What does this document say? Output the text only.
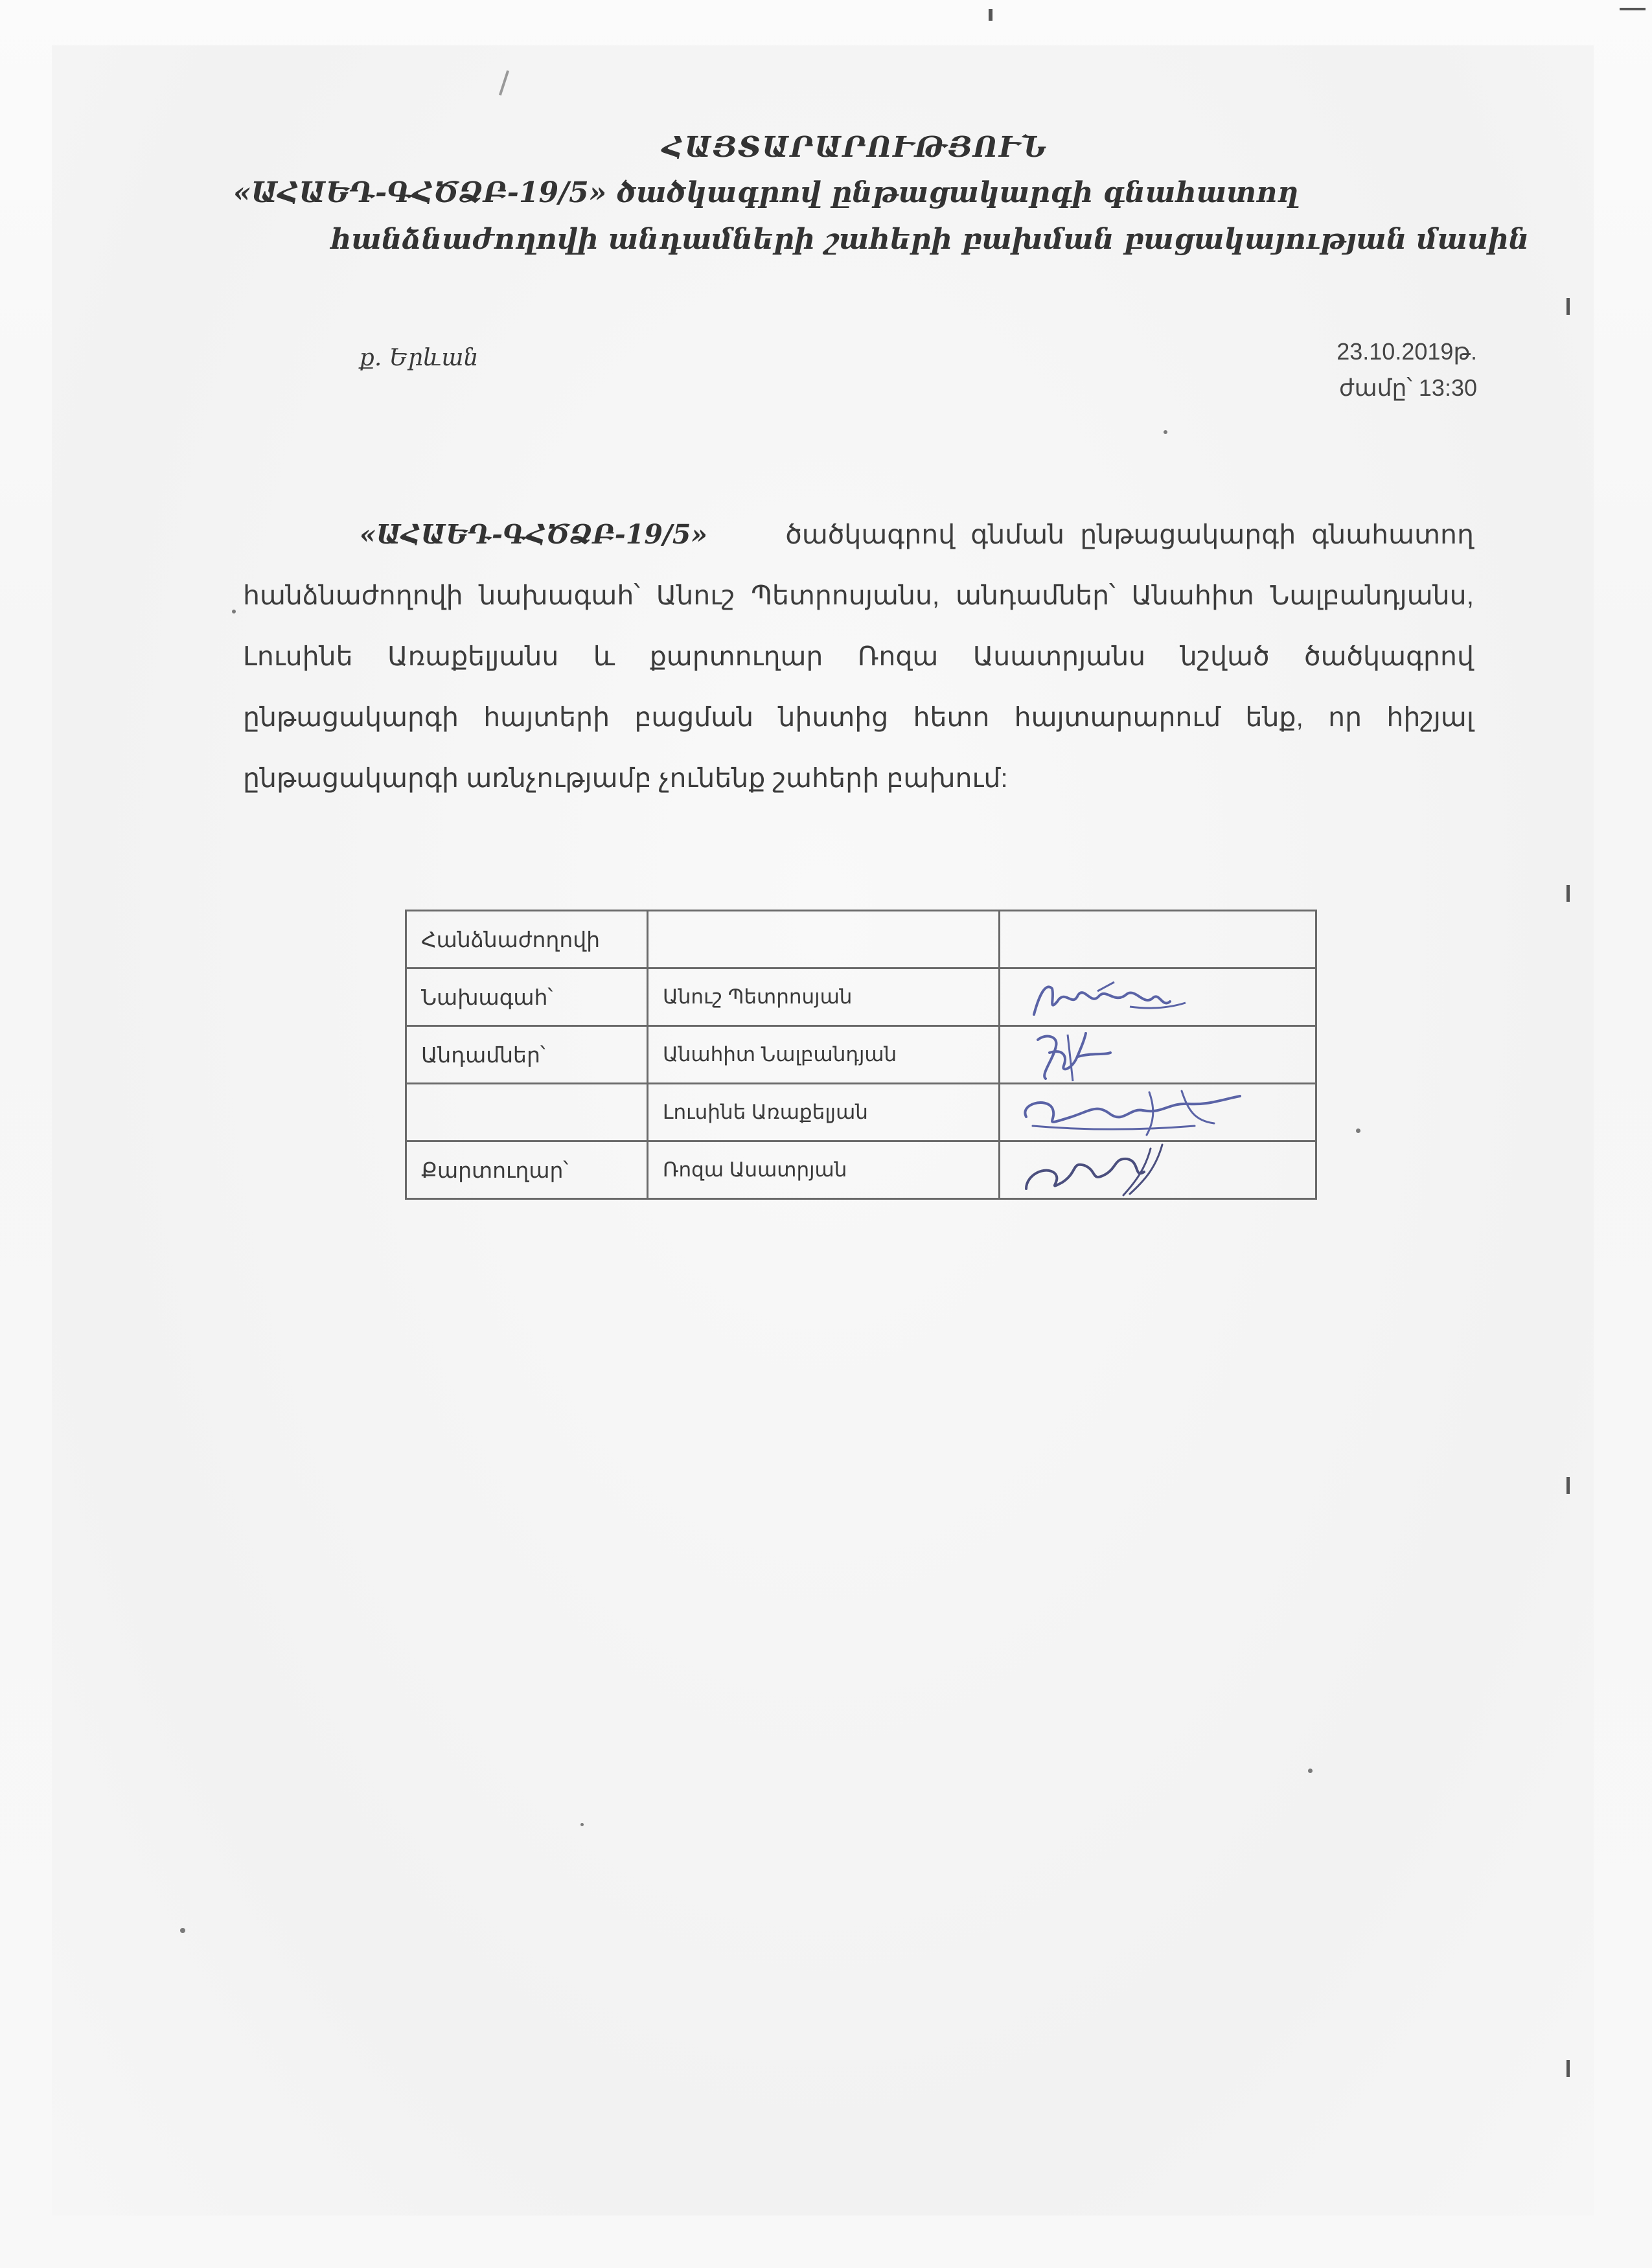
ՀԱՅՏԱՐԱՐՈՒԹՅՈՒՆ
«ԱՀԱԵԴ-ԳՀԾՁԲ-19/5» ծածկագրով ընթացակարգի գնահատող
հանձնաժողովի անդամների շահերի բախման բացակայության մասին
ք. Երևան	23.10.2019թ.
ժամը՝ 13:30
«ԱՀԱԵԴ-ԳՀԾՁԲ-19/5»	ծածկագրով գնման ընթացակարգի գնահատող հանձնաժողովի նախագահ՝ Անուշ Պետրոսյանս, անդամներ՝ Անահիտ Նալբանդյանս, Լուսինե Առաքելյանս և քարտուղար Ռոզա Ասատրյանս նշված ծածկագրով ընթացակարգի հայտերի բացման նիստից հետո հայտարարում ենք, որ հիշյալ ընթացակարգի առնչությամբ չունենք շահերի բախում:
Հանձնաժողովի		
Նախագահ՝	Անուշ Պետրոսյան	

Անդամներ՝	Անահիտ Նալբանդյան	

	Լուսինե Առաքելյան	

Քարտուղար՝	Ռոզա Ասատրյան	
